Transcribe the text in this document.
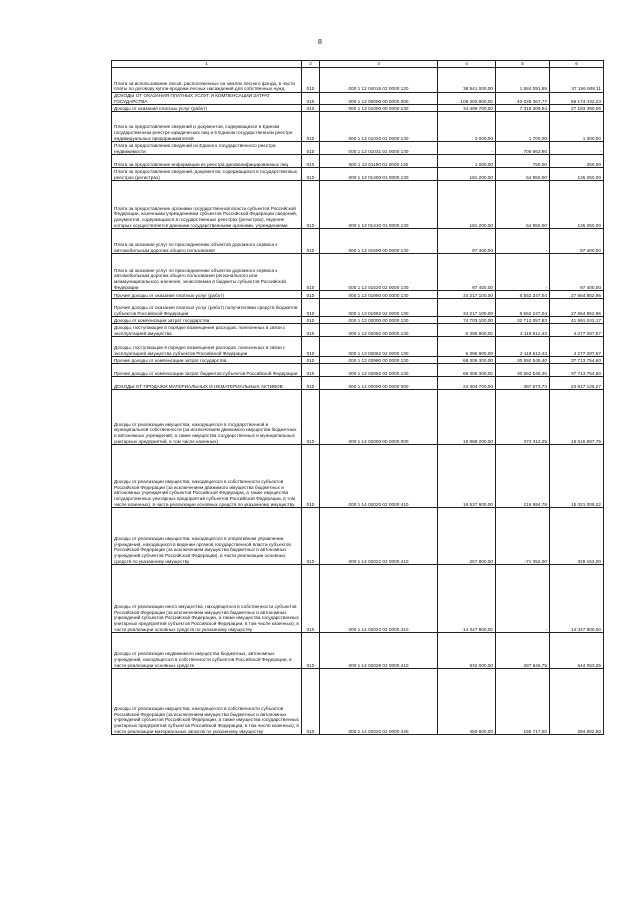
8
1	2	3	4	5	6
Плата за использование лесов, расположенных на землях лесного фонда, в части платы по договору купли-продажи лесных насаждений для собственных нужд	010	000 1 12 04015 02 0000 120	38 841 000,00	1 684 091,89	37 156 908,11
ДОХОДЫ ОТ ОКАЗАНИЯ ПЛАТНЫХ УСЛУГ И КОМПЕНСАЦИИ ЗАТРАТ ГОСУДАРСТВА	010	000 1 13 00000 00 0000 000	109 202 800,00	40 028 367,77	69 174 432,23
Доходы от оказания платных услуг (работ)	010	000 1 13 01000 00 0000 130	34 499 700,00	7 316 309,94	27 183 390,06
Плата за предоставление сведений и документов, содержащихся в Едином государственном реестре юридических лиц и в Едином государственном реестре индивидуальных предпринимателей	010	000 1 13 01020 01 0000 130	3 000,00	1 700,00	1 300,00
Плата за предоставление сведений из Единого государственного реестра недвижимости	010	000 1 13 01031 01 0000 130	-	706 662,90	-
Плата за предоставление информации из реестра дисквалифицированных лиц	010	000 1 13 01190 01 0000 130	1 000,00	750,00	250,00
Плата за предоставление сведений, документов, содержащихся в государственных реестрах (регистрах)	010	000 1 13 01400 01 0000 130	181 200,00	54 950,00	126 250,00
Плата за предоставление органами государственной власти субъектов Российской Федерации, казенными учреждениями субъектов Российской Федерации сведений, документов, содержащихся в государственных реестрах (регистрах), ведение которых осуществляется данными государственными органами, учреждениями	010	000 1 13 01410 01 0000 130	181 200,00	54 950,00	126 250,00
Плата за оказание услуг по присоединению объектов дорожного сервиса к автомобильным дорогам общего пользования	010	000 1 13 01500 00 0000 130	97 400,00	-	97 400,00
Плата за оказание услуг по присоединению объектов дорожного сервиса к автомобильным дорогам общего пользования регионального или межмуниципального значения, зачисляемая в бюджеты субъектов Российской Федерации	010	000 1 13 01520 02 0000 130	97 400,00	-	97 400,00
Прочие доходы от оказания платных услуг (работ)	010	000 1 13 01990 00 0000 130	34 217 100,00	6 552 247,04	27 664 852,96
Прочие доходы от оказания платных услуг (работ) получателями средств бюджетов субъектов Российской Федерации	010	000 1 13 01992 02 0000 130	34 217 100,00	6 552 247,04	27 664 852,96
Доходы от компенсации затрат государства	010	000 1 13 02000 00 0000 130	74 703 100,00	32 712 057,83	41 991 042,17
Доходы, поступающие в порядке возмещения расходов, понесенных в связи с эксплуатацией имущества	010	000 1 13 02060 00 0000 130	6 396 800,00	2 119 512,43	4 277 287,57
Доходы, поступающие в порядке возмещения расходов, понесенных в связи с эксплуатацией имущества субъектов Российской Федерации	010	000 1 13 02062 02 0000 130	6 396 800,00	2 119 512,43	4 277 287,57
Прочие доходы от компенсации затрат государства	010	000 1 13 02990 00 0000 130	68 306 300,00	30 592 545,40	37 713 754,60
Прочие доходы от компенсации затрат бюджетов субъектов Российской Федерации	010	000 1 13 02992 02 0000 130	68 306 300,00	30 592 545,40	37 713 754,60
ДОХОДЫ ОТ ПРОДАЖИ МАТЕРИАЛЬНЫХ И НЕМАТЕРИАЛЬНЫХ АКТИВОВ	010	000 1 14 00000 00 0000 000	24 304 700,00	387 573,73	23 917 126,27
Доходы от реализации имущества, находящегося в государственной и муниципальной собственности (за исключением движимого имущества бюджетных и автономных учреждений, а также имущества государственных и муниципальных унитарных предприятий, в том числе казенных)	010	000 1 14 02000 00 0000 000	15 988 200,00	372 312,25	15 615 887,75
Доходы от реализации имущества, находящегося в собственности субъектов Российской Федерации (за исключением движимого имущества бюджетных и автономных учреждений субъектов Российской Федерации, а также имущества государственных унитарных предприятий субъектов Российской Федерации, в том числе казенных), в части реализации основных средств по указанному имуществу	010	000 1 14 02020 02 0000 410	15 537 600,00	216 594,78	15 321 005,22
Доходы от реализации имущества, находящегося в оперативном управлении учреждений, находящихся в ведении органов государственной власти субъектов Российской Федерации (за исключением имущества бюджетных и автономных учреждений субъектов Российской Федерации), в части реализации основных средств по указанному имуществу	010	000 1 14 02022 02 0000 410	257 800,00	-71 352,00	329 152,00
Доходы от реализации иного имущества, находящегося в собственности субъектов Российской Федерации (за исключением имущества бюджетных и автономных учреждений субъектов Российской Федерации, а также имущества государственных унитарных предприятий субъектов Российской Федерации, в том числе казенных), в части реализации основных средств по указанному имуществу	010	000 1 14 02023 02 0000 410	14 347 800,00	-	14 347 800,00
Доходы от реализации недвижимого имущества бюджетных, автономных учреждений, находящегося в собственности субъектов Российской Федерации, в части реализации основных средств	010	000 1 14 02028 02 0000 410	932 000,00	287 946,75	644 053,25
Доходы от реализации имущества, находящегося в собственности субъектов Российской Федерации (за исключением имущества бюджетных и автономных учреждений субъектов Российской Федерации, а также имущества государственных унитарных предприятий субъектов Российской Федерации, в том числе казенных), в части реализации материальных запасов по указанному имуществу	010	000 1 14 02020 02 0000 440	450 600,00	155 717,50	294 882,50
